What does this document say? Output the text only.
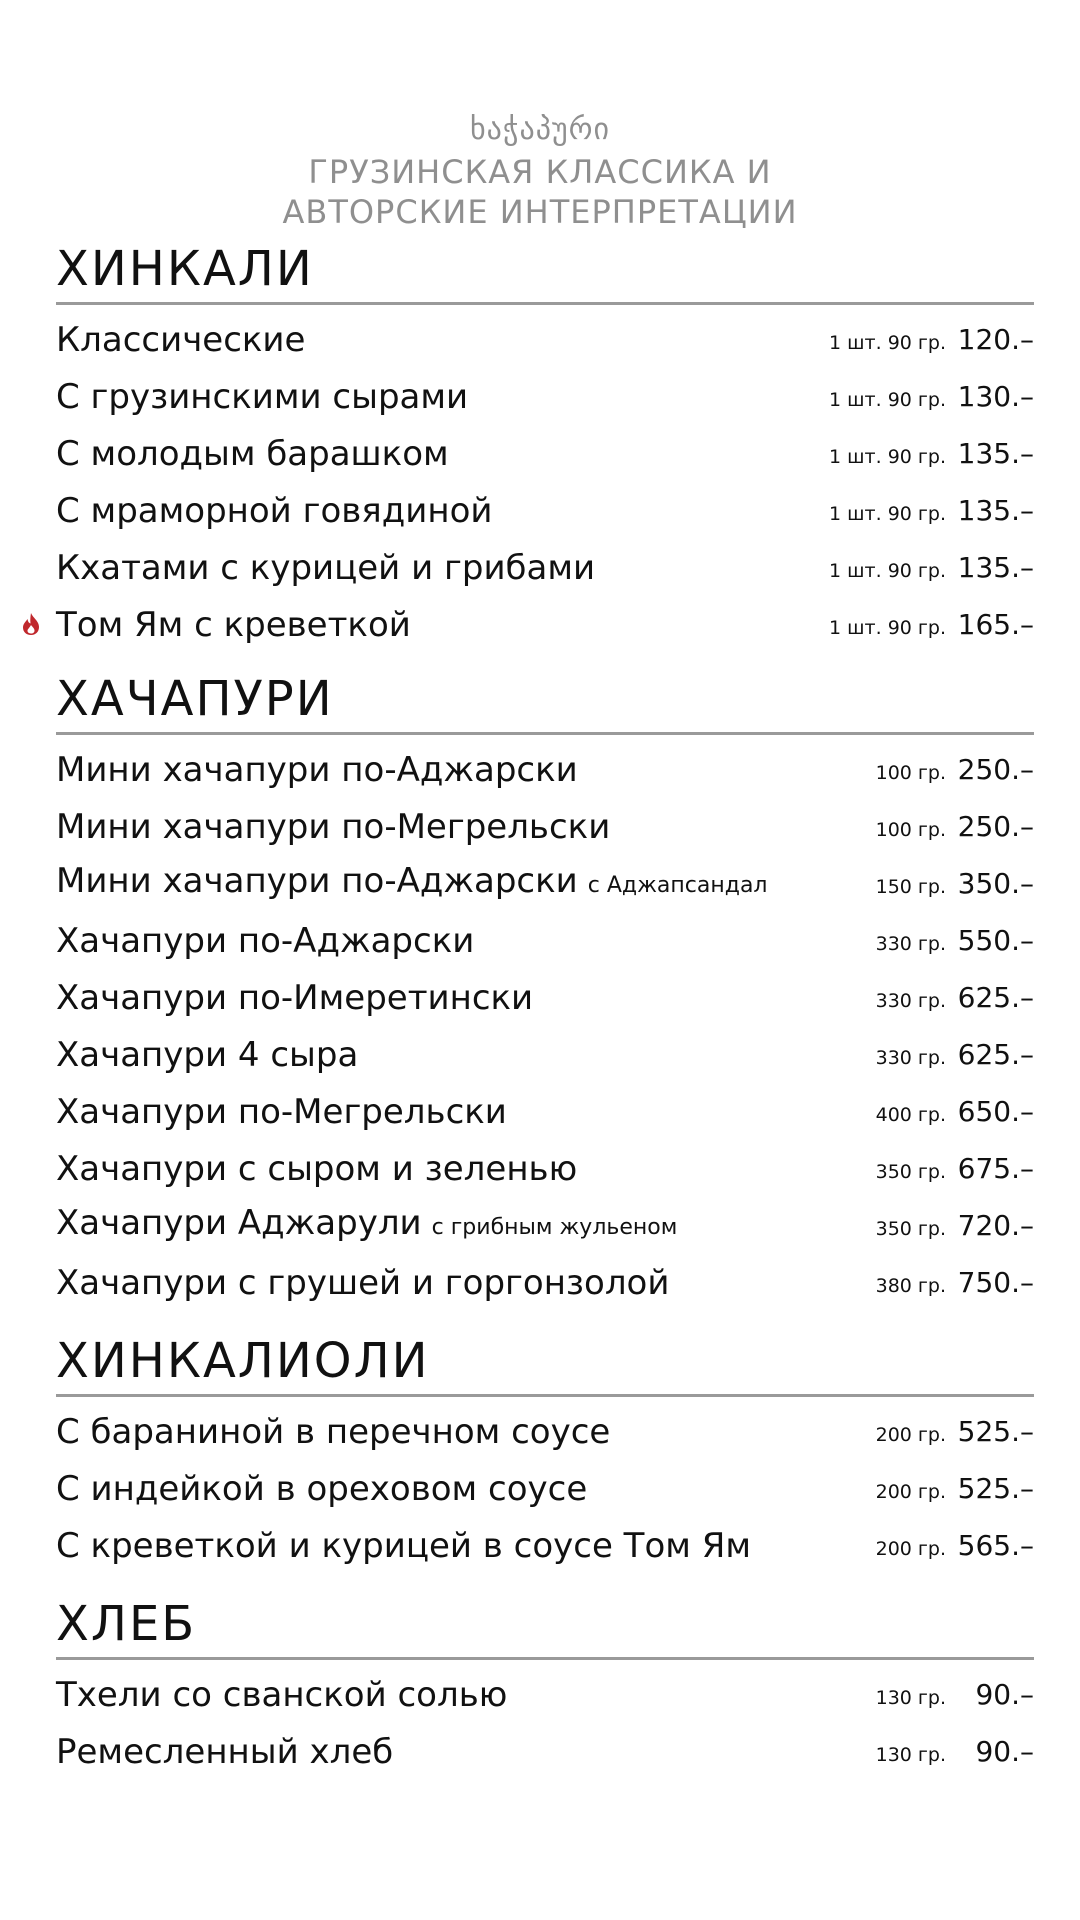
ხაჭაპური
ГРУЗИНСКАЯ КЛАССИКА И АВТОРСКИЕ ИНТЕРПРЕТАЦИИ
ХИНКАЛИ
Классические	1 шт. 90 гр. 120.–
С грузинскими сырами	1 шт. 90 гр. 130.–
С молодым барашком	1 шт. 90 гр. 135.–
С мраморной говядиной	1 шт. 90 гр. 135.–
Кхатами с курицей и грибами	1 шт. 90 гр. 135.–
Том Ям с креветкой	1 шт. 90 гр. 165.–
ХАЧАПУРИ
Мини хачапури по-Аджарски	100 гр. 250.–
Мини хачапури по-Мегрельски	100 гр. 250.–
Мини хачапури по-Аджарски с Аджапсандал	150 гр. 350.–
Хачапури по-Аджарски	330 гр. 550.–
Хачапури по-Имеретински	330 гр. 625.–
Хачапури 4 сыра	330 гр. 625.–
Хачапури по-Мегрельски	400 гр. 650.–
Хачапури с сыром и зеленью	350 гр. 675.–
Хачапури Аджарули с грибным жульеном	350 гр. 720.–
Хачапури с грушей и горгонзолой	380 гр. 750.–
ХИНКАЛИОЛИ
С бараниной в перечном соусе	200 гр. 525.–
С индейкой в ореховом соусе	200 гр. 525.–
С креветкой и курицей в соусе Том Ям	200 гр. 565.–
ХЛЕБ
Тхели со сванской солью	130 гр.	90.–
Ремесленный хлеб	130 гр.	90.–
